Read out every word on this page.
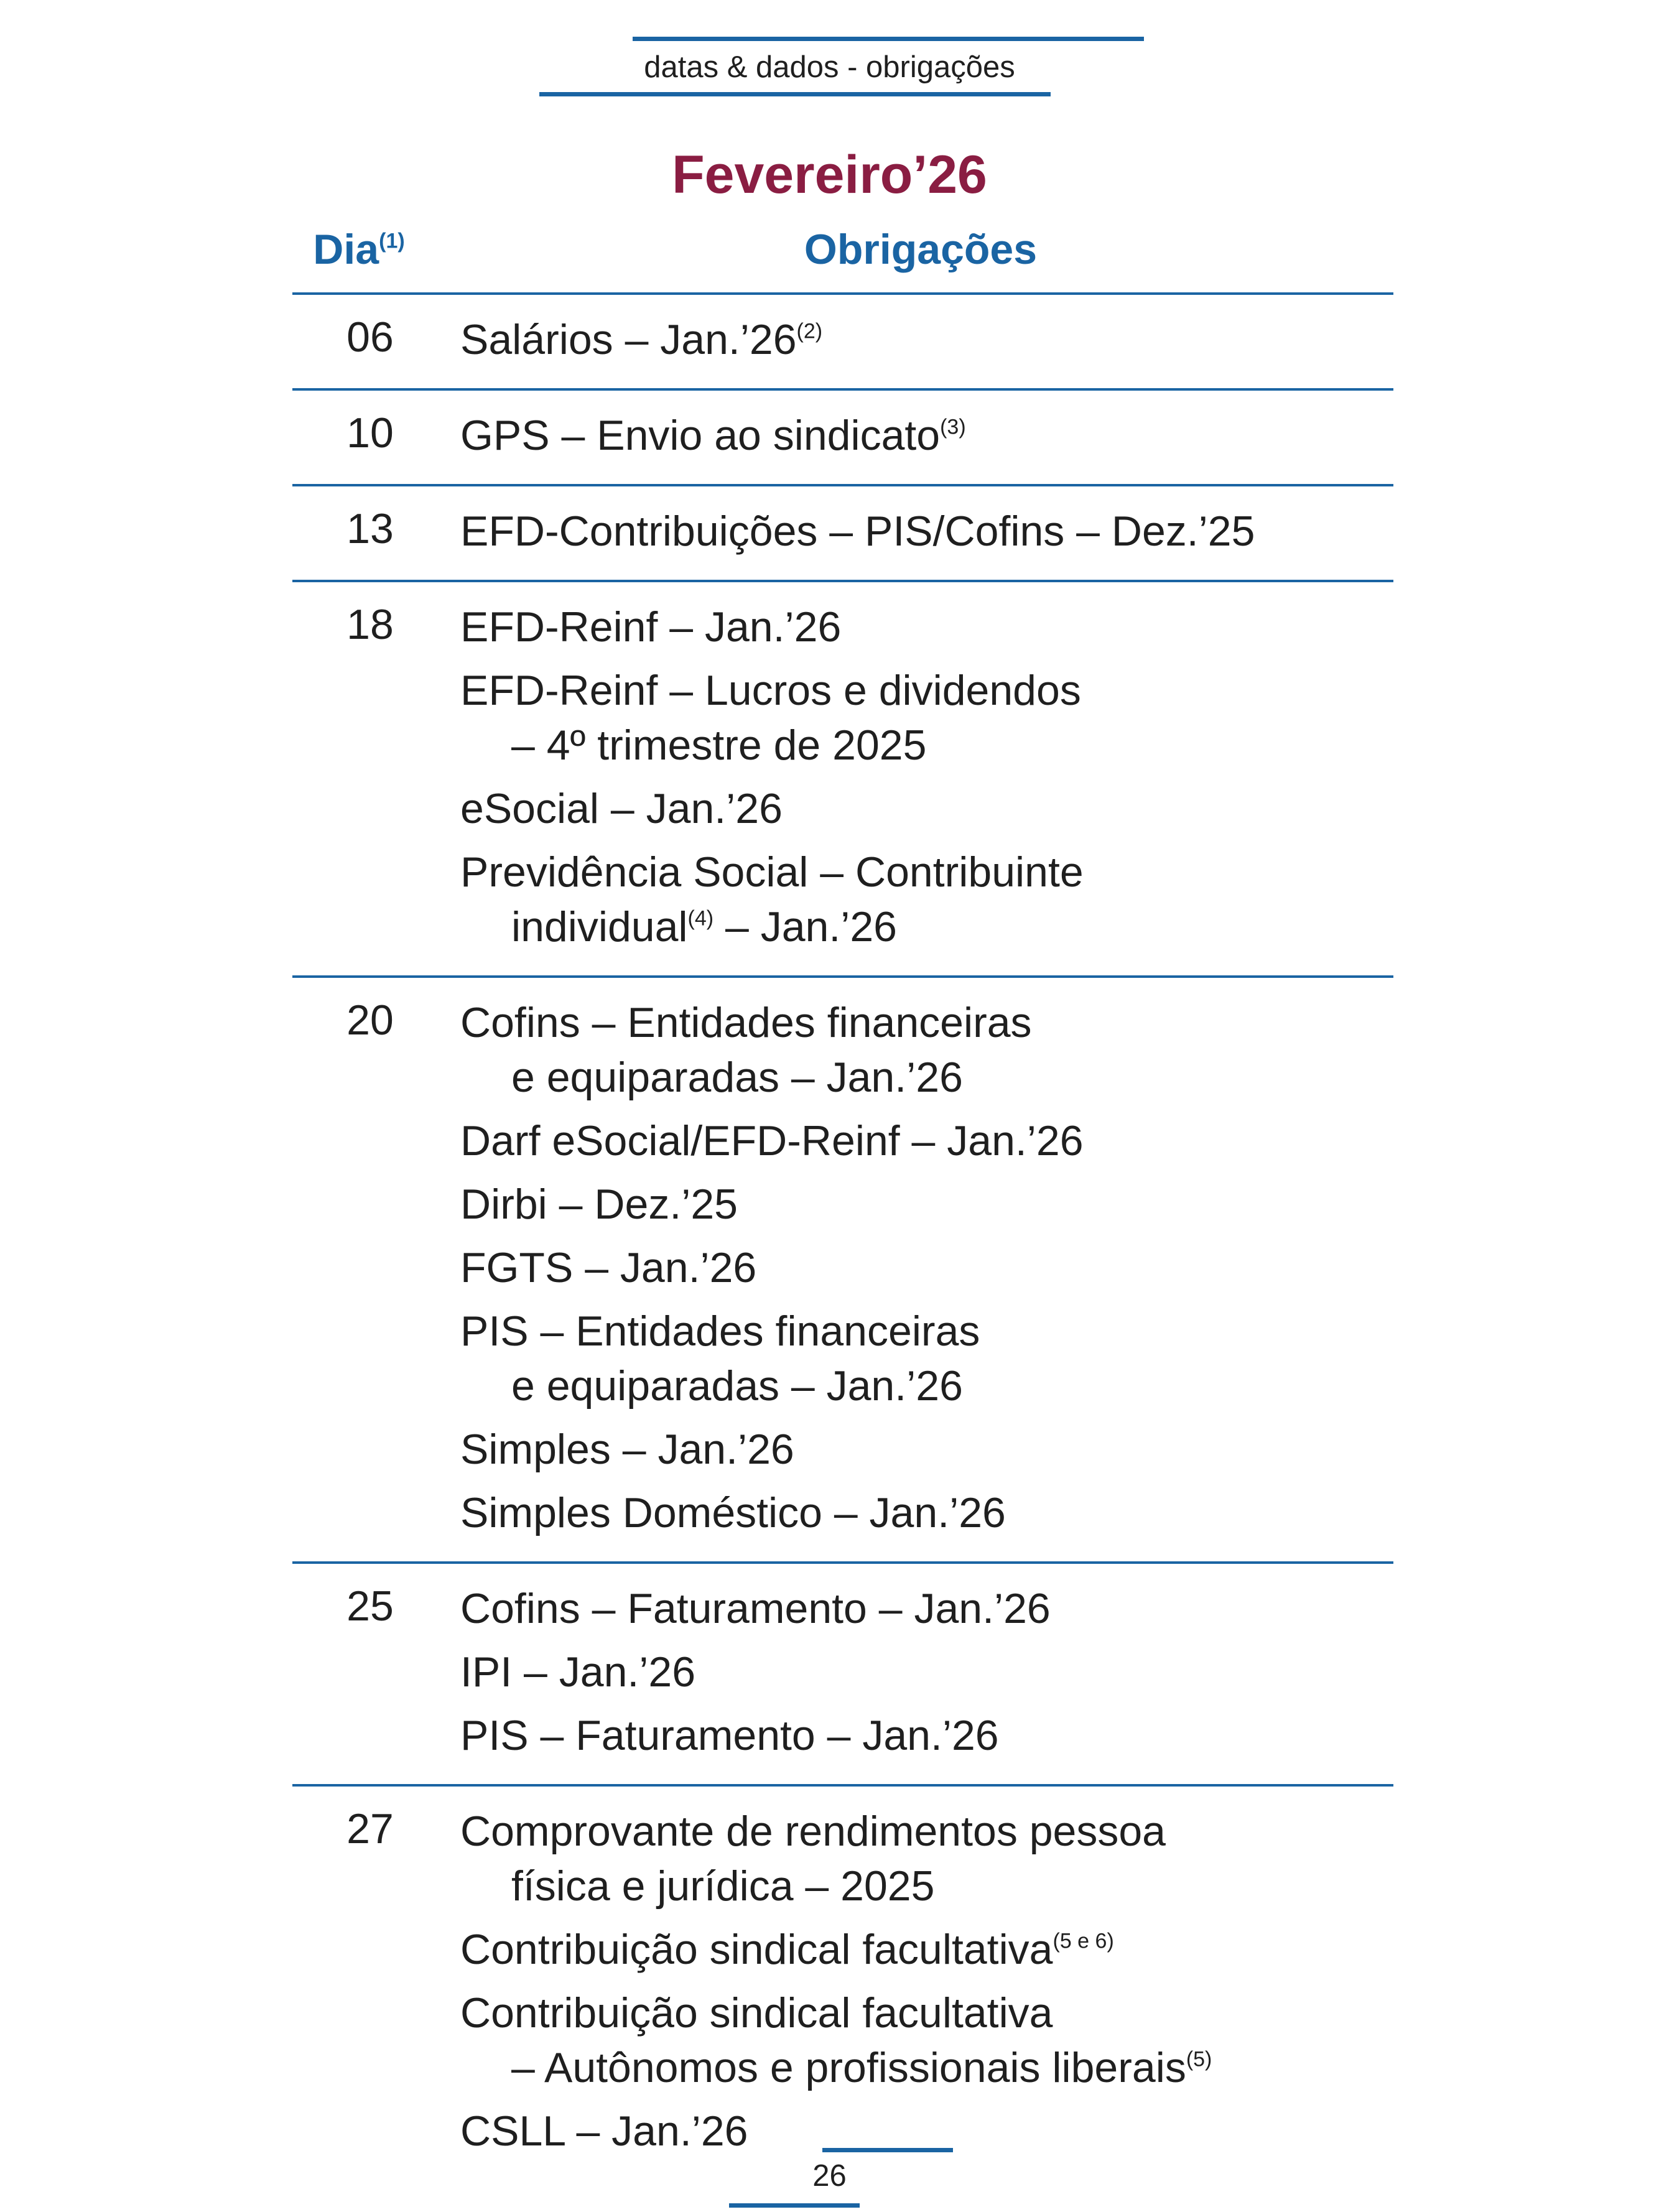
datas & dados - obrigações
Fevereiro’26
Dia$^{(1)}$	Obrigações
06	Salários – Jan.’26$^{(2)}$
10	GPS – Envio ao sindicato$^{(3)}$
13	EFD-Contribuições – PIS/Cofins – Dez.’25
18	EFD-Reinf – Jan.’26
EFD-Reinf – Lucros e dividendos
– 4º trimestre de 2025
eSocial – Jan.’26
Previdência Social – Contribuinte
individual$^{(4)}$ – Jan.’26
20	Cofins – Entidades financeiras
e equiparadas – Jan.’26
Darf eSocial/EFD-Reinf – Jan.’26
Dirbi – Dez.’25
FGTS – Jan.’26
PIS – Entidades financeiras
e equiparadas – Jan.’26
Simples – Jan.’26
Simples Doméstico – Jan.’26
25	Cofins – Faturamento – Jan.’26
IPI – Jan.’26
PIS – Faturamento – Jan.’26
27	Comprovante de rendimentos pessoa
física e jurídica – 2025
Contribuição sindical facultativa$^{(5 e 6)}$
Contribuição sindical facultativa
– Autônomos e profissionais liberais$^{(5)}$
CSLL – Jan.’26
26
